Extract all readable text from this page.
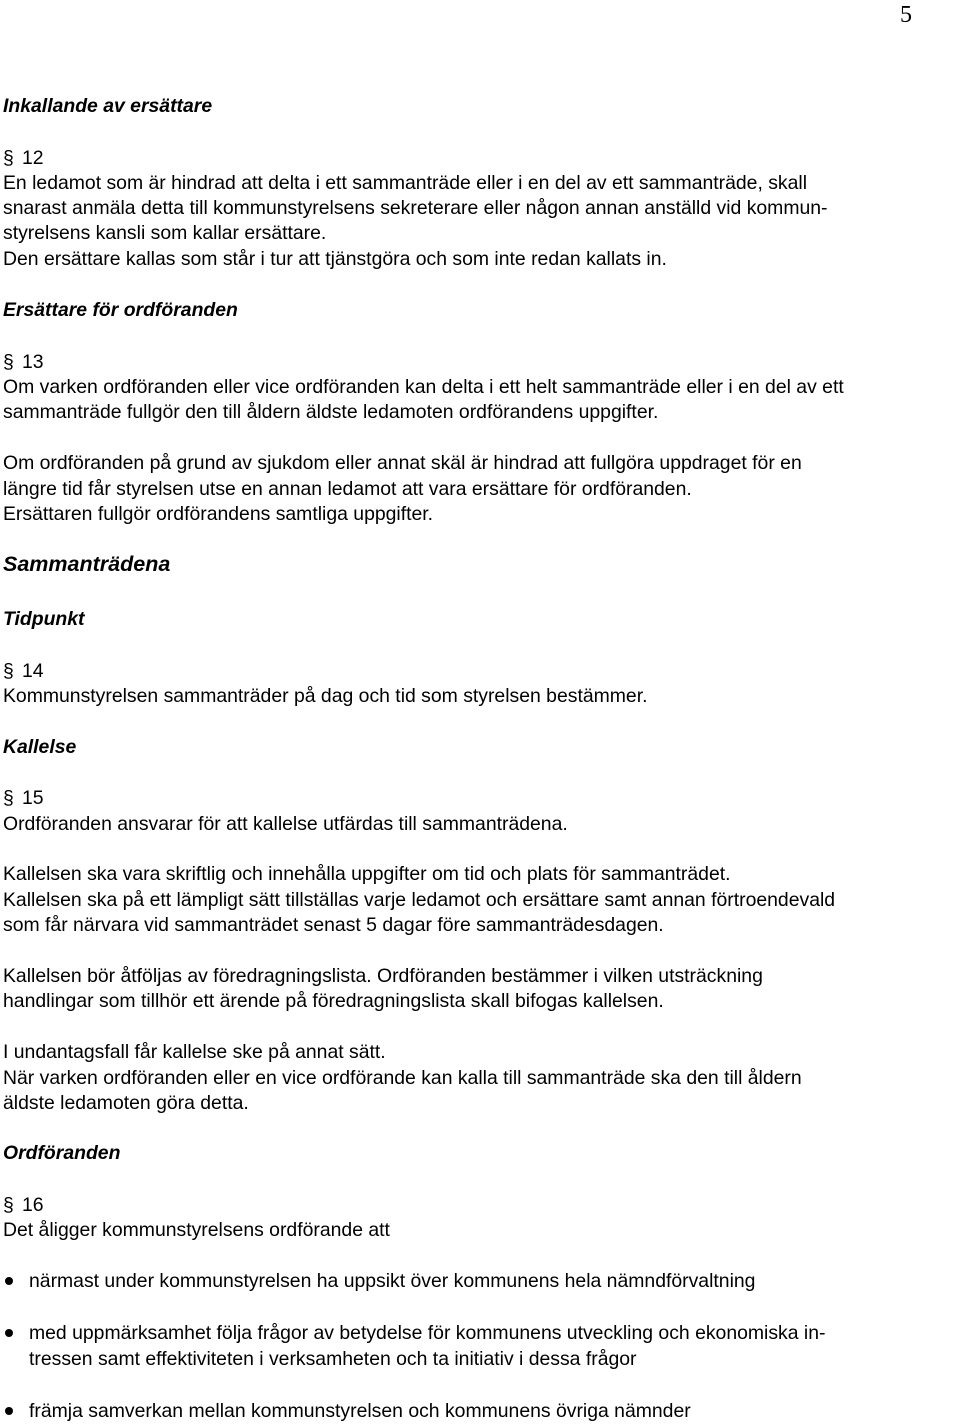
5
Inkallande av ersättare
§ 12
En ledamot som är hindrad att delta i ett sammanträde eller i en del av ett sammanträde, skall
snarast anmäla detta till kommunstyrelsens sekreterare eller någon annan anställd vid kommun-
styrelsens kansli som kallar ersättare.
Den ersättare kallas som står i tur att tjänstgöra och som inte redan kallats in.
Ersättare för ordföranden
§ 13
Om varken ordföranden eller vice ordföranden kan delta i ett helt sammanträde eller i en del av ett
sammanträde fullgör den till åldern äldste ledamoten ordförandens uppgifter.
Om ordföranden på grund av sjukdom eller annat skäl är hindrad att fullgöra uppdraget för en
längre tid får styrelsen utse en annan ledamot att vara ersättare för ordföranden.
Ersättaren fullgör ordförandens samtliga uppgifter.
Sammanträdena
Tidpunkt
§ 14
Kommunstyrelsen sammanträder på dag och tid som styrelsen bestämmer.
Kallelse
§ 15
Ordföranden ansvarar för att kallelse utfärdas till sammanträdena.
Kallelsen ska vara skriftlig och innehålla uppgifter om tid och plats för sammanträdet.
Kallelsen ska på ett lämpligt sätt tillställas varje ledamot och ersättare samt annan förtroendevald
som får närvara vid sammanträdet senast 5 dagar före sammanträdesdagen.
Kallelsen bör åtföljas av föredragningslista. Ordföranden bestämmer i vilken utsträckning
handlingar som tillhör ett ärende på föredragningslista skall bifogas kallelsen.
I undantagsfall får kallelse ske på annat sätt.
När varken ordföranden eller en vice ordförande kan kalla till sammanträde ska den till åldern
äldste ledamoten göra detta.
Ordföranden
§ 16
Det åligger kommunstyrelsens ordförande att
närmast under kommunstyrelsen ha uppsikt över kommunens hela nämndförvaltning
med uppmärksamhet följa frågor av betydelse för kommunens utveckling och ekonomiska in-
tressen samt effektiviteten i verksamheten och ta initiativ i dessa frågor
främja samverkan mellan kommunstyrelsen och kommunens övriga nämnder
